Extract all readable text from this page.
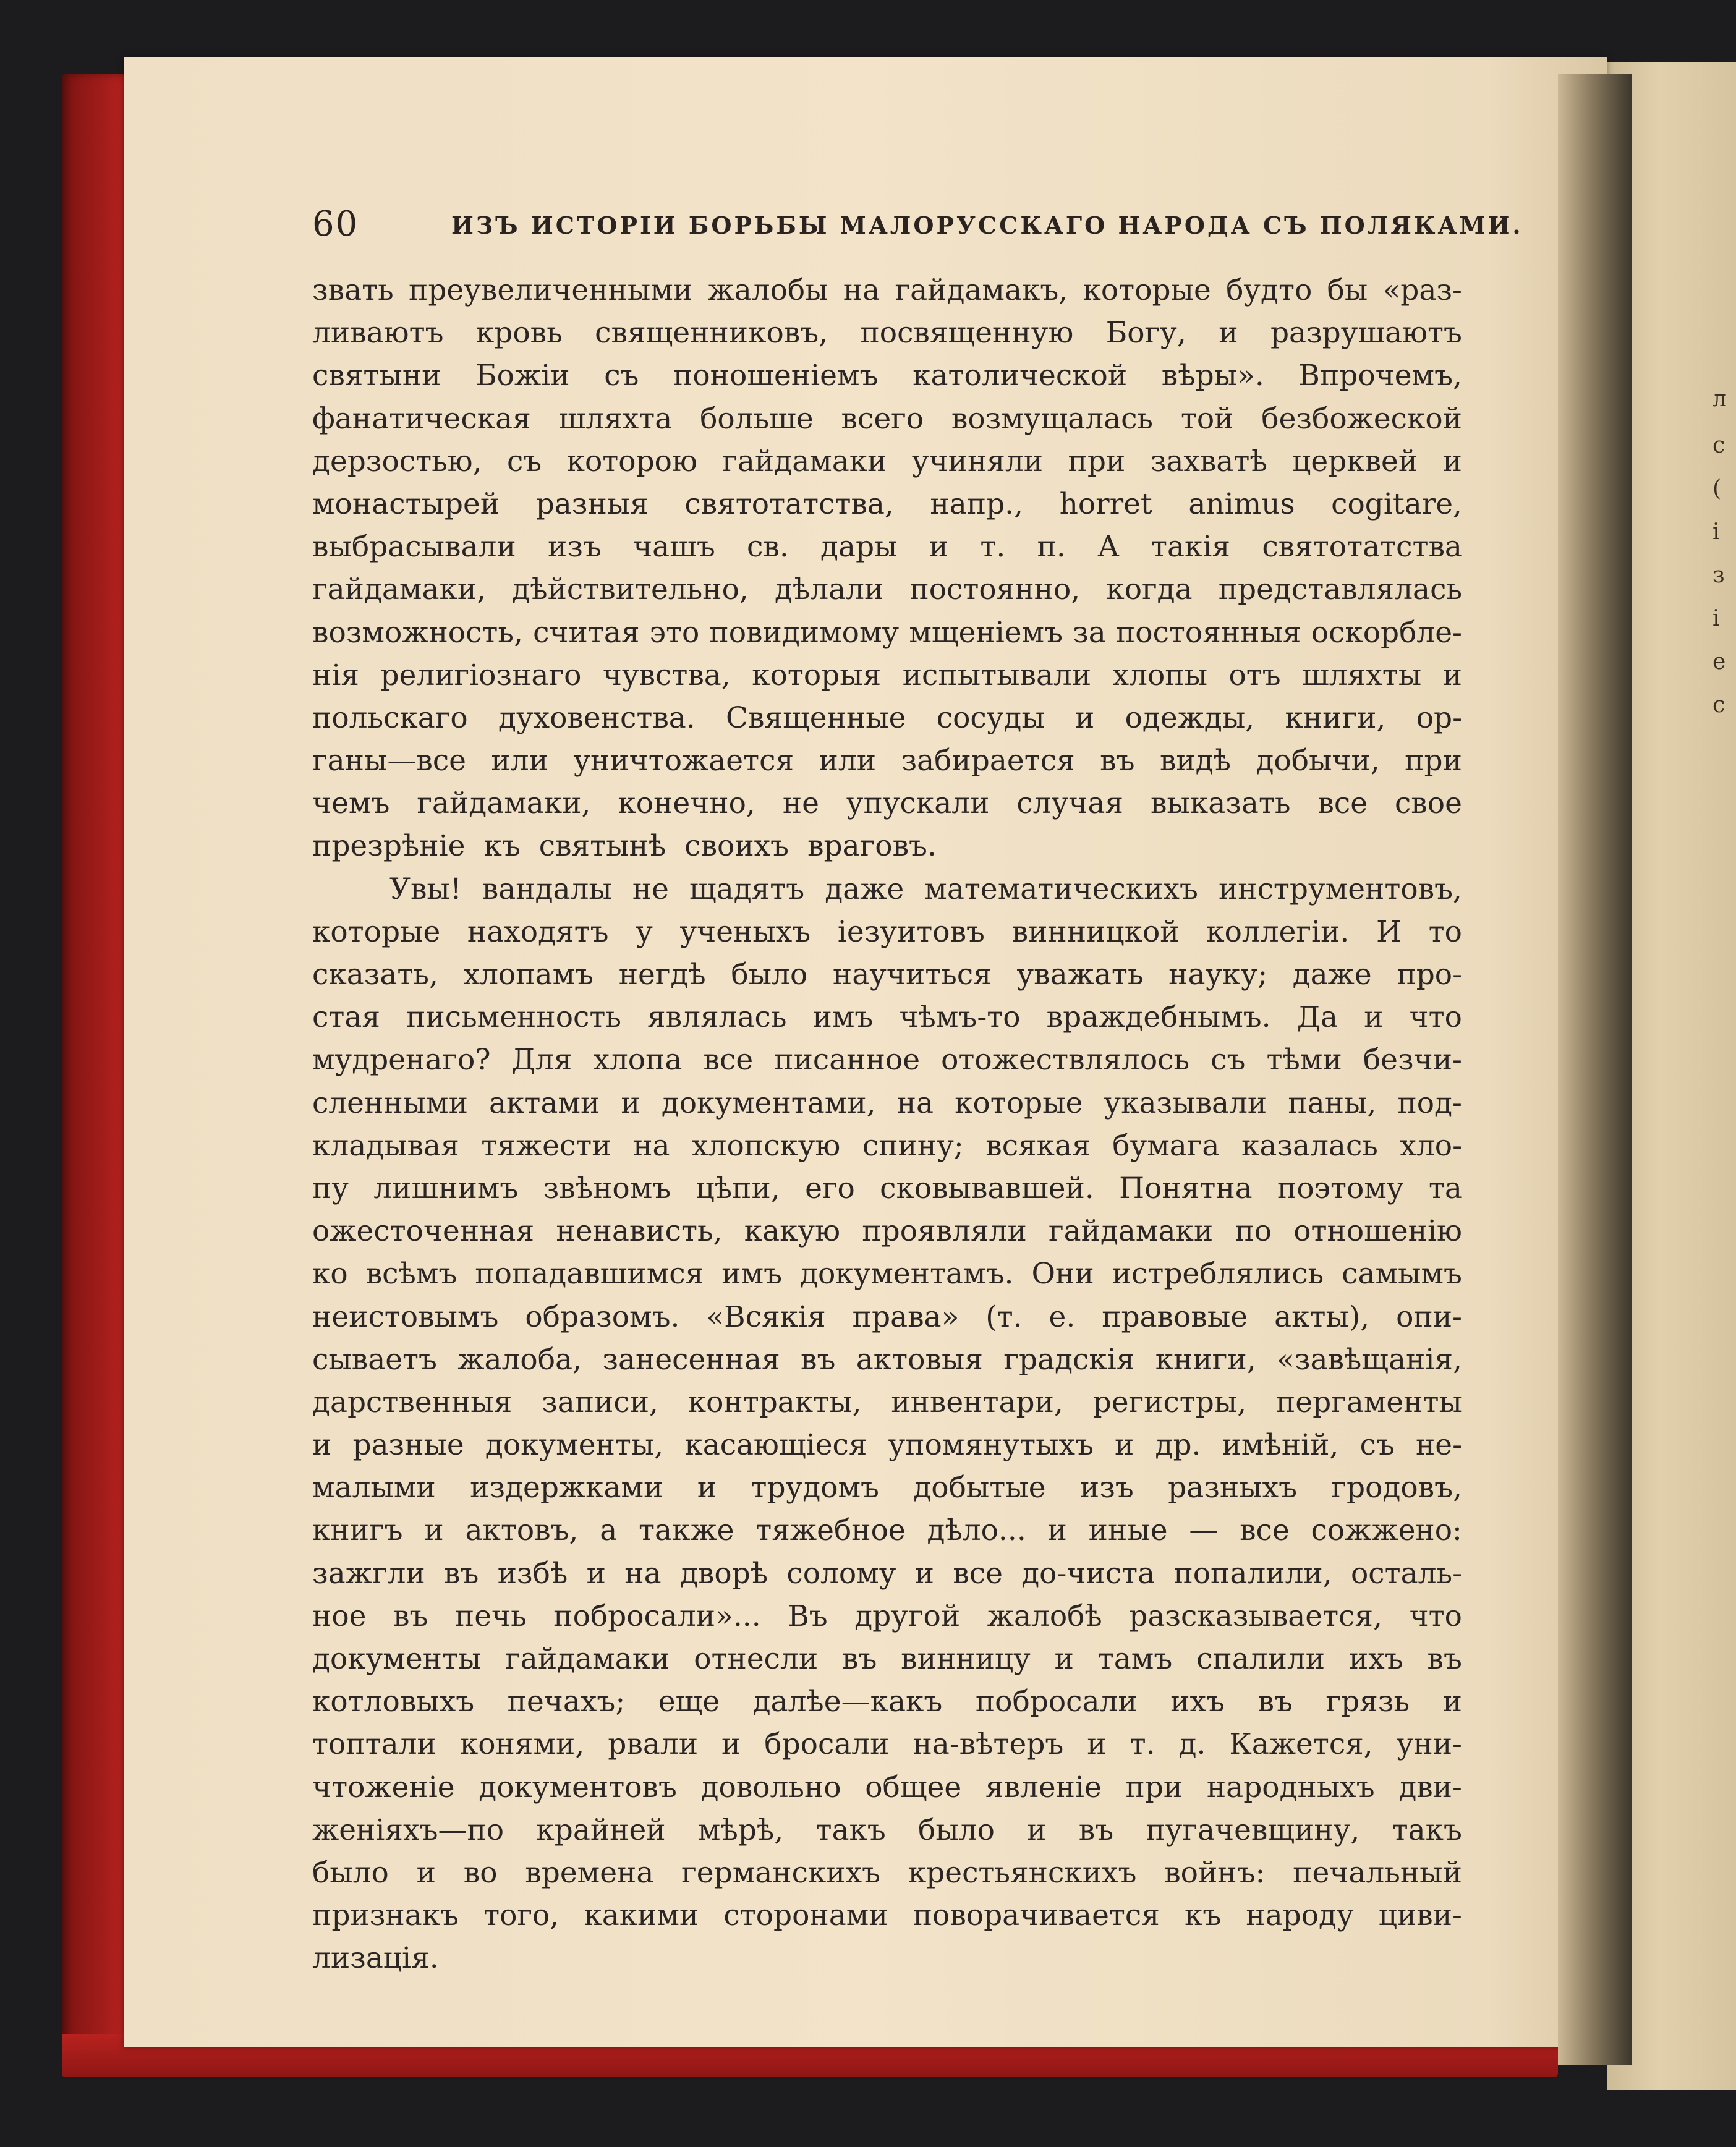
л
с
(
і
з
і
е
с
60	ИЗЪ ИСТОРІИ БОРЬБЫ МАЛОРУССКАГО НАРОДА СЪ ПОЛЯКАМИ.
звать преувеличенными жалобы на гайдамакъ, которые будто бы «раз-
ливаютъ кровь священниковъ, посвященную Богу, и разрушаютъ
святыни Божіи съ поношеніемъ католической вѣры». Впрочемъ,
фанатическая шляхта больше всего возмущалась той безбожеской
дерзостью, съ которою гайдамаки учиняли при захватѣ церквей и
монастырей разныя святотатства, напр., horret animus cogitare,
выбрасывали изъ чашъ св. дары и т. п. А такія святотатства
гайдамаки, дѣйствительно, дѣлали постоянно, когда представлялась
возможность, считая это повидимому мщеніемъ за постоянныя оскорбле-
нія религіознаго чувства, которыя испытывали хлопы отъ шляхты и
польскаго духовенства. Священные сосуды и одежды, книги, ор-
ганы—все или уничтожается или забирается въ видѣ добычи, при
чемъ гайдамаки, конечно, не упускали случая выказать все свое
презрѣніе къ святынѣ своихъ враговъ.
Увы! вандалы не щадятъ даже математическихъ инструментовъ,
которые находятъ у ученыхъ іезуитовъ винницкой коллегіи. И то
сказать, хлопамъ негдѣ было научиться уважать науку; даже про-
стая письменность являлась имъ чѣмъ-то враждебнымъ. Да и что
мудренаго? Для хлопа все писанное отожествлялось съ тѣми безчи-
сленными актами и документами, на которые указывали паны, под-
кладывая тяжести на хлопскую спину; всякая бумага казалась хло-
пу лишнимъ звѣномъ цѣпи, его сковывавшей. Понятна поэтому та
ожесточенная ненависть, какую проявляли гайдамаки по отношенію
ко всѣмъ попадавшимся имъ документамъ. Они истреблялись самымъ
неистовымъ образомъ. «Всякія права» (т. е. правовые акты), опи-
сываетъ жалоба, занесенная въ актовыя градскія книги, «завѣщанія,
дарственныя записи, контракты, инвентари, регистры, пергаменты
и разные документы, касающіеся упомянутыхъ и др. имѣній, съ не-
малыми издержками и трудомъ добытые изъ разныхъ гродовъ,
книгъ и актовъ, а также тяжебное дѣло... и иные — все сожжено:
зажгли въ избѣ и на дворѣ солому и все до-чиста попалили, осталь-
ное въ печь побросали»... Въ другой жалобѣ разсказывается, что
документы гайдамаки отнесли въ винницу и тамъ спалили ихъ въ
котловыхъ печахъ; еще далѣе—какъ побросали ихъ въ грязь и
топтали конями, рвали и бросали на-вѣтеръ и т. д. Кажется, уни-
чтоженіе документовъ довольно общее явленіе при народныхъ дви-
женіяхъ—по крайней мѣрѣ, такъ было и въ пугачевщину, такъ
было и во времена германскихъ крестьянскихъ войнъ: печальный
признакъ того, какими сторонами поворачивается къ народу циви-
лизація.
